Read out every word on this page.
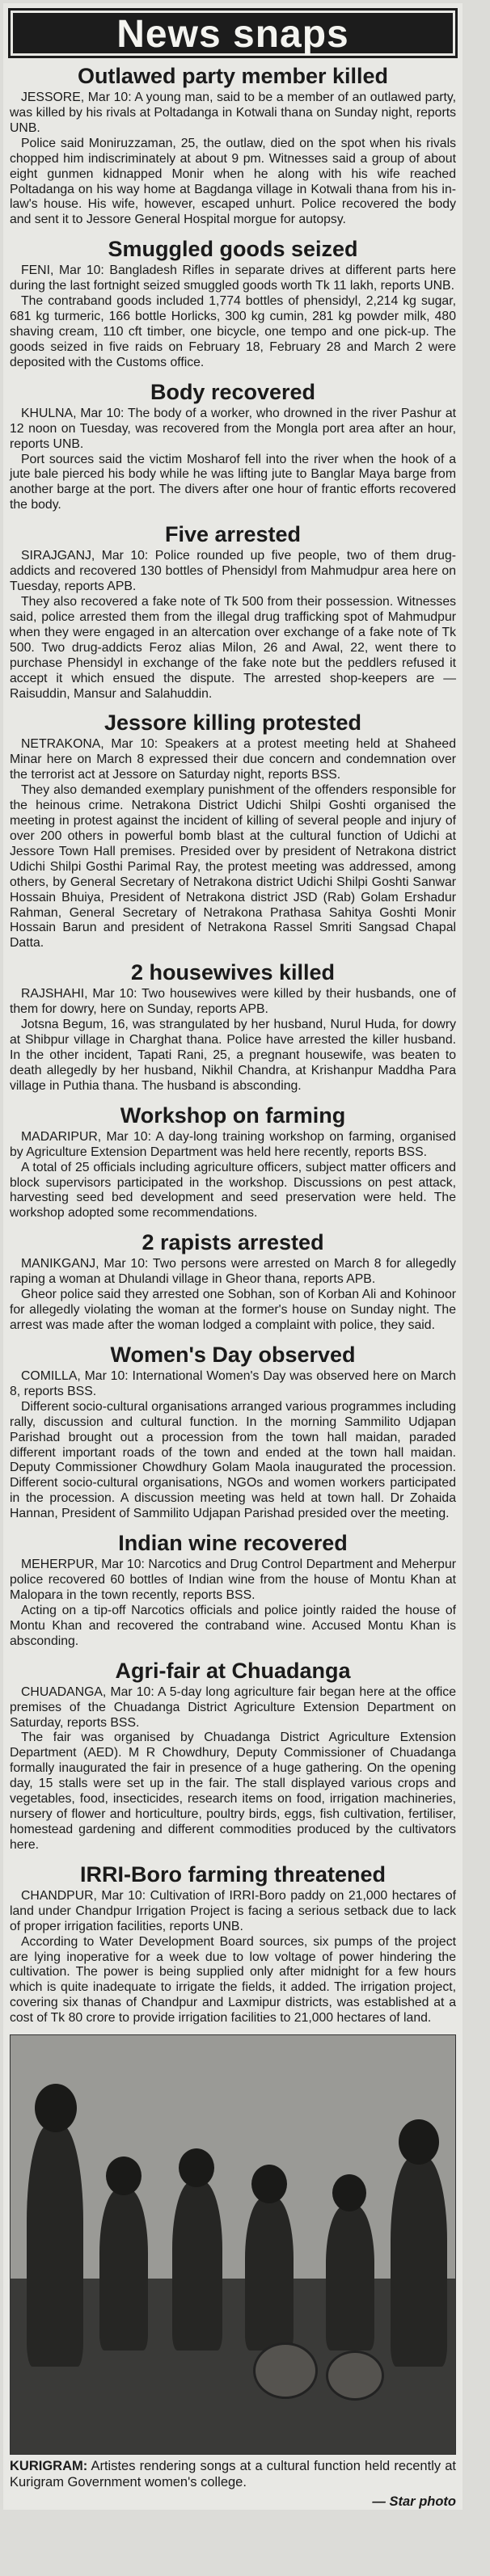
News snaps
Outlawed party member killed

JESSORE, Mar 10: A young man, said to be a member of an outlawed party, was killed by his rivals at Poltadanga in Kotwali thana on Sunday night, reports UNB.

Police said Moniruzzaman, 25, the outlaw, died on the spot when his rivals chopped him indiscriminately at about 9 pm. Witnesses said a group of about eight gunmen kidnapped Monir when he along with his wife reached Poltadanga on his way home at Bagdanga village in Kotwali thana from his in-law's house. His wife, however, escaped unhurt. Police recovered the body and sent it to Jessore General Hospital morgue for autopsy.

Smuggled goods seized

FENI, Mar 10: Bangladesh Rifles in separate drives at different parts here during the last fortnight seized smuggled goods worth Tk 11 lakh, reports UNB.

The contraband goods included 1,774 bottles of phensidyl, 2,214 kg sugar, 681 kg turmeric, 166 bottle Horlicks, 300 kg cumin, 281 kg powder milk, 480 shaving cream, 110 cft timber, one bicycle, one tempo and one pick-up. The goods seized in five raids on February 18, February 28 and March 2 were deposited with the Customs office.

Body recovered

KHULNA, Mar 10: The body of a worker, who drowned in the river Pashur at 12 noon on Tuesday, was recovered from the Mongla port area after an hour, reports UNB.

Port sources said the victim Mosharof fell into the river when the hook of a jute bale pierced his body while he was lifting jute to Banglar Maya barge from another barge at the port. The divers after one hour of frantic efforts recovered the body.

Five arrested

SIRAJGANJ, Mar 10: Police rounded up five people, two of them drug-addicts and recovered 130 bottles of Phensidyl from Mahmudpur area here on Tuesday, reports APB.

They also recovered a fake note of Tk 500 from their possession. Witnesses said, police arrested them from the illegal drug trafficking spot of Mahmudpur when they were engaged in an altercation over exchange of a fake note of Tk 500. Two drug-addicts Feroz alias Milon, 26 and Awal, 22, went there to purchase Phensidyl in exchange of the fake note but the peddlers refused it accept it which ensued the dispute. The arrested shop-keepers are — Raisuddin, Mansur and Salahuddin.

Jessore killing protested

NETRAKONA, Mar 10: Speakers at a protest meeting held at Shaheed Minar here on March 8 expressed their due concern and condemnation over the terrorist act at Jessore on Saturday night, reports BSS.

They also demanded exemplary punishment of the offenders responsible for the heinous crime. Netrakona District Udichi Shilpi Goshti organised the meeting in protest against the incident of killing of several people and injury of over 200 others in powerful bomb blast at the cultural function of Udichi at Jessore Town Hall premises. Presided over by president of Netrakona district Udichi Shilpi Gosthi Parimal Ray, the protest meeting was addressed, among others, by General Secretary of Netrakona district Udichi Shilpi Goshti Sanwar Hossain Bhuiya, President of Netrakona district JSD (Rab) Golam Ershadur Rahman, General Secretary of Netrakona Prathasa Sahitya Goshti Monir Hossain Barun and president of Netrakona Rassel Smriti Sangsad Chapal Datta.

2 housewives killed

RAJSHAHI, Mar 10: Two housewives were killed by their husbands, one of them for dowry, here on Sunday, reports APB.

Jotsna Begum, 16, was strangulated by her husband, Nurul Huda, for dowry at Shibpur village in Charghat thana. Police have arrested the killer husband. In the other incident, Tapati Rani, 25, a pregnant housewife, was beaten to death allegedly by her husband, Nikhil Chandra, at Krishanpur Maddha Para village in Puthia thana. The husband is absconding.

Workshop on farming

MADARIPUR, Mar 10: A day-long training workshop on farming, organised by Agriculture Extension Department was held here recently, reports BSS.

A total of 25 officials including agriculture officers, subject matter officers and block supervisors participated in the workshop. Discussions on pest attack, harvesting seed bed development and seed preservation were held. The workshop adopted some recommendations.

2 rapists arrested

MANIKGANJ, Mar 10: Two persons were arrested on March 8 for allegedly raping a woman at Dhulandi village in Gheor thana, reports APB.

Gheor police said they arrested one Sobhan, son of Korban Ali and Kohinoor for allegedly violating the woman at the former's house on Sunday night. The arrest was made after the woman lodged a complaint with police, they said.

Women's Day observed

COMILLA, Mar 10: International Women's Day was observed here on March 8, reports BSS.

Different socio-cultural organisations arranged various programmes including rally, discussion and cultural function. In the morning Sammilito Udjapan Parishad brought out a procession from the town hall maidan, paraded different important roads of the town and ended at the town hall maidan. Deputy Commissioner Chowdhury Golam Maola inaugurated the procession. Different socio-cultural organisations, NGOs and women workers participated in the procession. A discussion meeting was held at town hall. Dr Zohaida Hannan, President of Sammilito Udjapan Parishad presided over the meeting.

Indian wine recovered

MEHERPUR, Mar 10: Narcotics and Drug Control Department and Meherpur police recovered 60 bottles of Indian wine from the house of Montu Khan at Malopara in the town recently, reports BSS.

Acting on a tip-off Narcotics officials and police jointly raided the house of Montu Khan and recovered the contraband wine. Accused Montu Khan is absconding.

Agri-fair at Chuadanga

CHUADANGA, Mar 10: A 5-day long agriculture fair began here at the office premises of the Chuadanga District Agriculture Extension Department on Saturday, reports BSS.

The fair was organised by Chuadanga District Agriculture Extension Department (AED). M R Chowdhury, Deputy Commissioner of Chuadanga formally inaugurated the fair in presence of a huge gathering. On the opening day, 15 stalls were set up in the fair. The stall displayed various crops and vegetables, food, insecticides, research items on food, irrigation machineries, nursery of flower and horticulture, poultry birds, eggs, fish cultivation, fertiliser, homestead gardening and different commodities produced by the cultivators here.

IRRI-Boro farming threatened

CHANDPUR, Mar 10: Cultivation of IRRI-Boro paddy on 21,000 hectares of land under Chandpur Irrigation Project is facing a serious setback due to lack of proper irrigation facilities, reports UNB.

According to Water Development Board sources, six pumps of the project are lying inoperative for a week due to low voltage of power hindering the cultivation. The power is being supplied only after midnight for a few hours which is quite inadequate to irrigate the fields, it added. The irrigation project, covering six thanas of Chandpur and Laxmipur districts, was established at a cost of Tk 80 crore to provide irrigation facilities to 21,000 hectares of land.

KURIGRAM: Artistes rendering songs at a cultural function held recently at Kurigram Government women's college.
— Star photo
